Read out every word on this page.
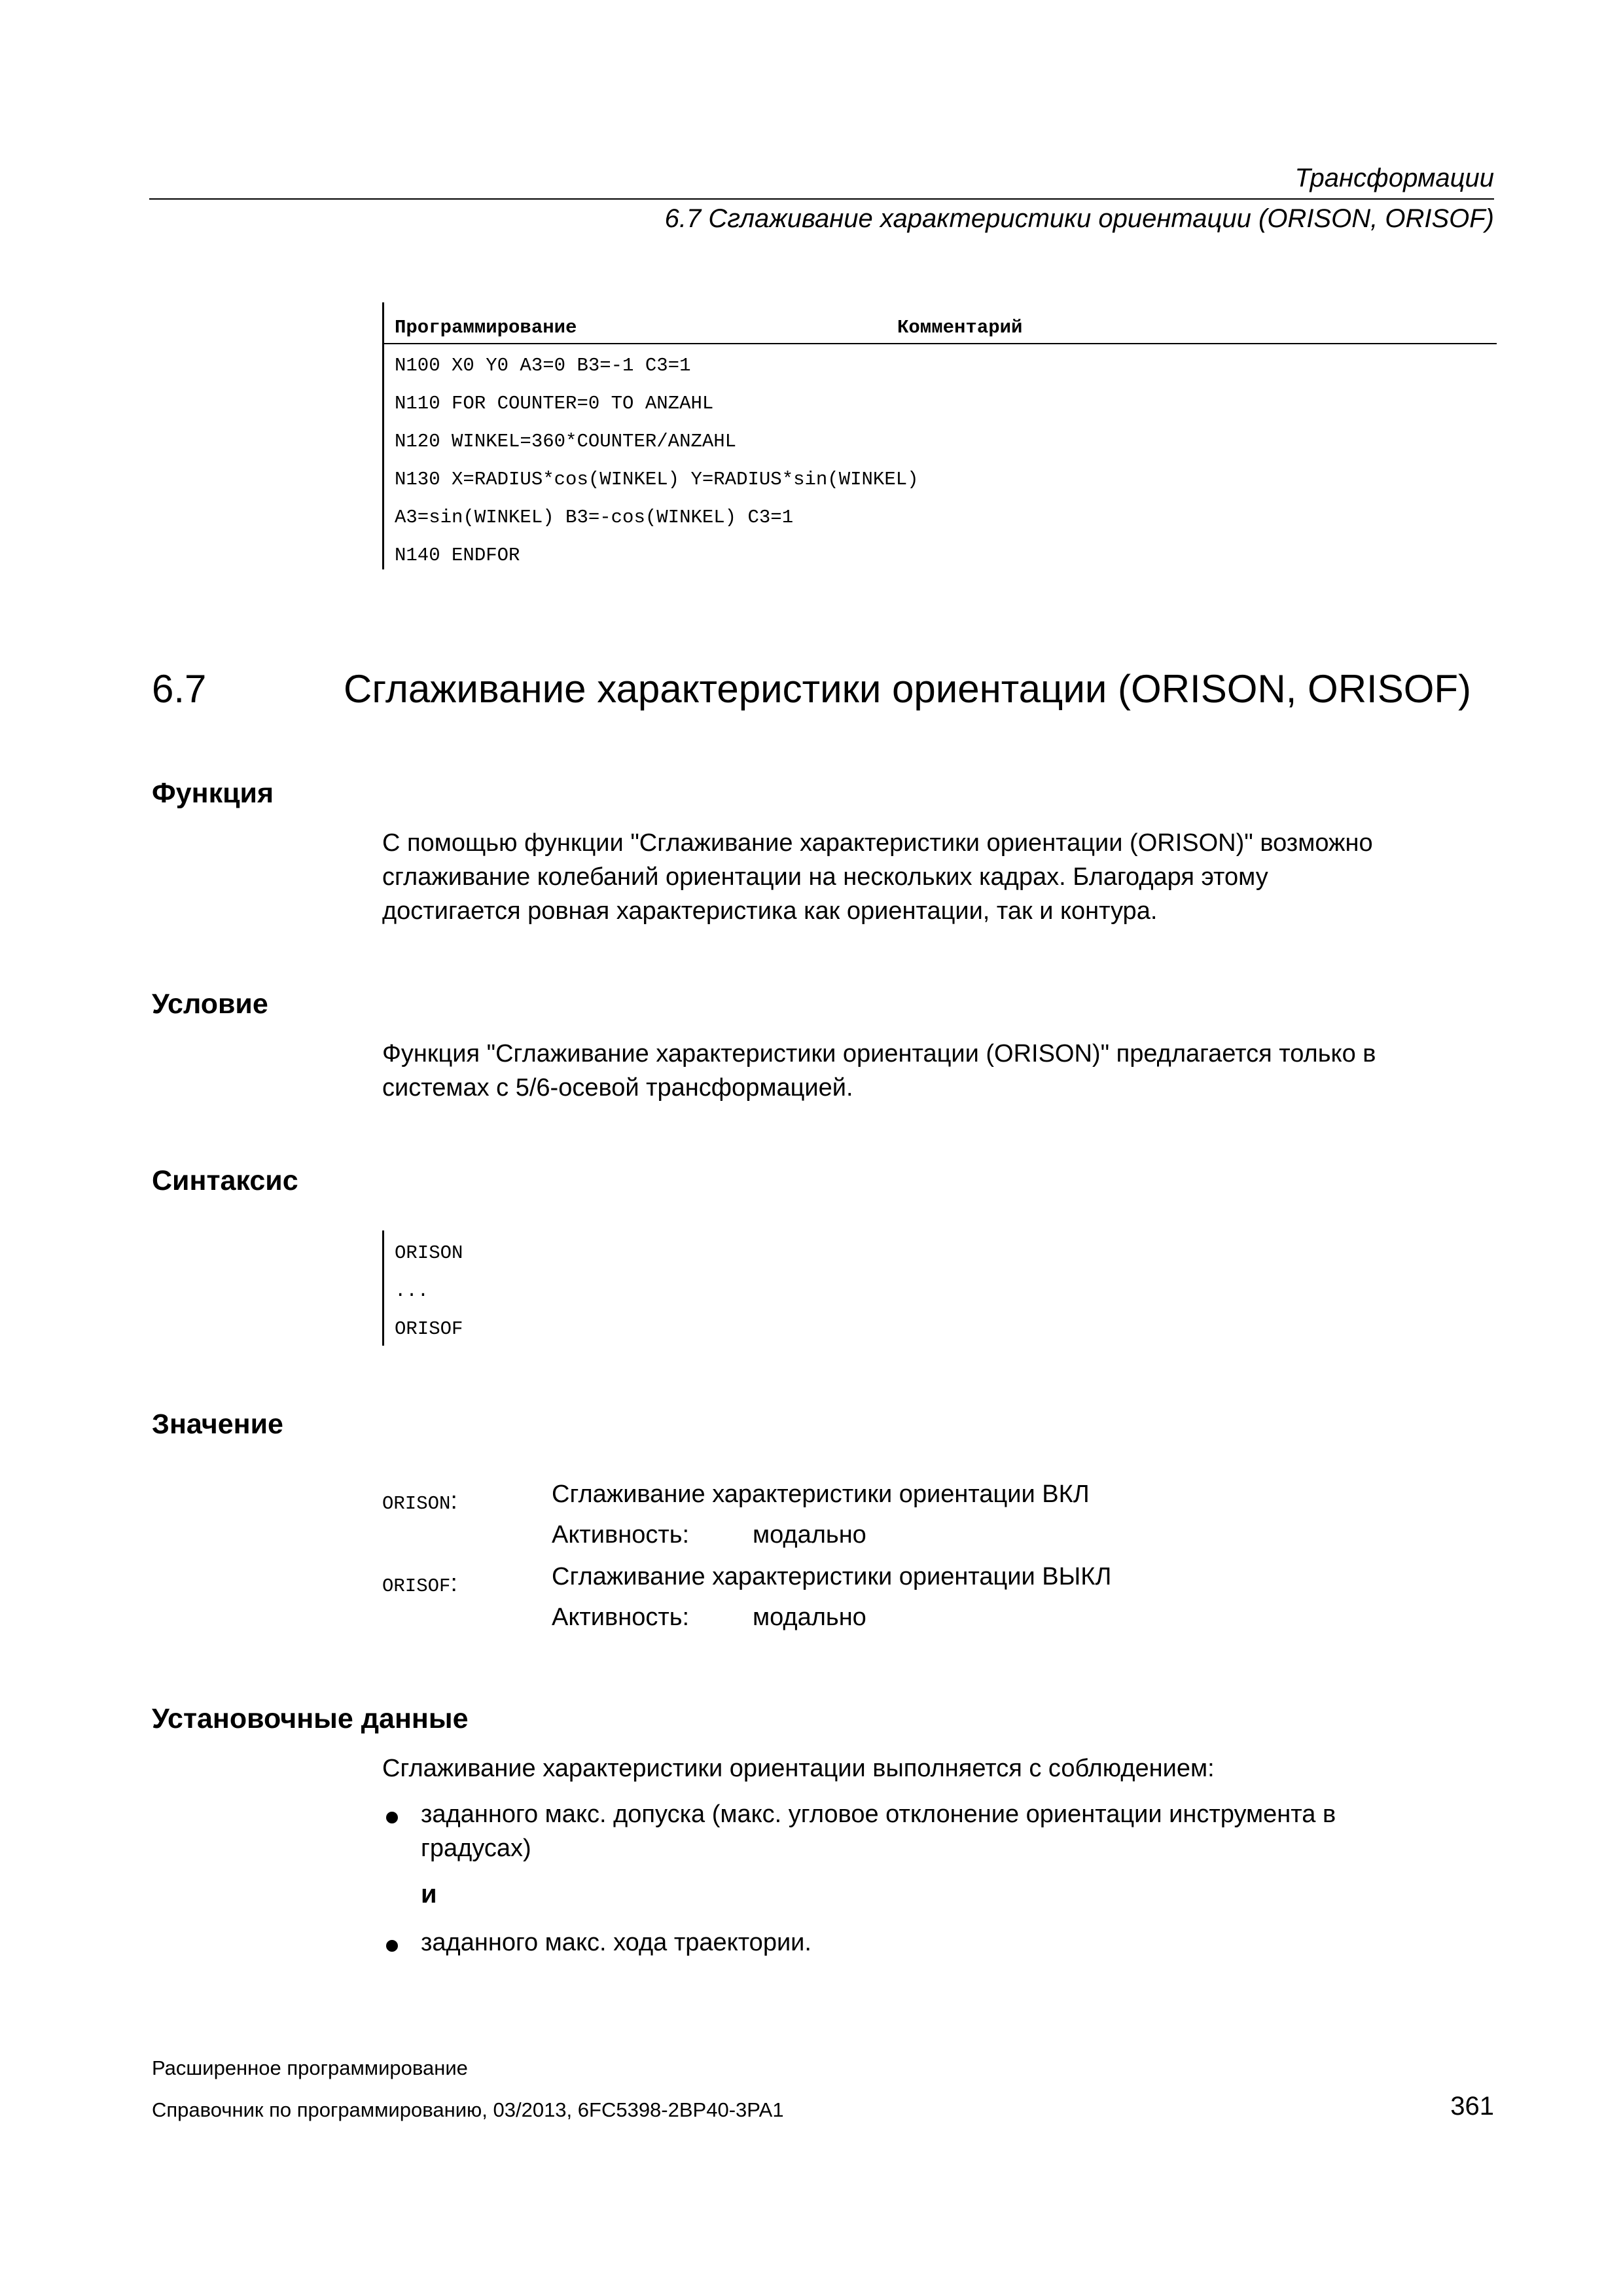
Трансформации
6.7 Сглаживание характеристики ориентации (ORISON, ORISOF)
Программирование	Комментарий
N100 X0 Y0 A3=0 B3=-1 C3=1
N110 FOR COUNTER=0 TO ANZAHL
N120 WINKEL=360*COUNTER/ANZAHL
N130 X=RADIUS*cos(WINKEL) Y=RADIUS*sin(WINKEL)
A3=sin(WINKEL) B3=-cos(WINKEL) C3=1
N140 ENDFOR
6.7	Сглаживание характеристики ориентации (ORISON, ORISOF)
Функция
С помощью функции "Сглаживание характеристики ориентации (ORISON)" возможно
сглаживание колебаний ориентации на нескольких кадрах. Благодаря этому
достигается ровная характеристика как ориентации, так и контура.
Условие
Функция "Сглаживание характеристики ориентации (ORISON)" предлагается только в
системах с 5/6-осевой трансформацией.
Синтаксис
ORISON
...
ORISOF
Значение
ORISON:	Сглаживание характеристики ориентации ВКЛ
Активность:	модально
ORISOF:	Сглаживание характеристики ориентации ВЫКЛ
Активность:	модально
Установочные данные
Сглаживание характеристики ориентации выполняется с соблюдением:
заданного макс. допуска (макс. угловое отклонение ориентации инструмента в
градусах)
и
заданного макс. хода траектории.
Расширенное программирование
Справочник по программированию, 03/2013, 6FC5398-2BP40-3PA1	361
